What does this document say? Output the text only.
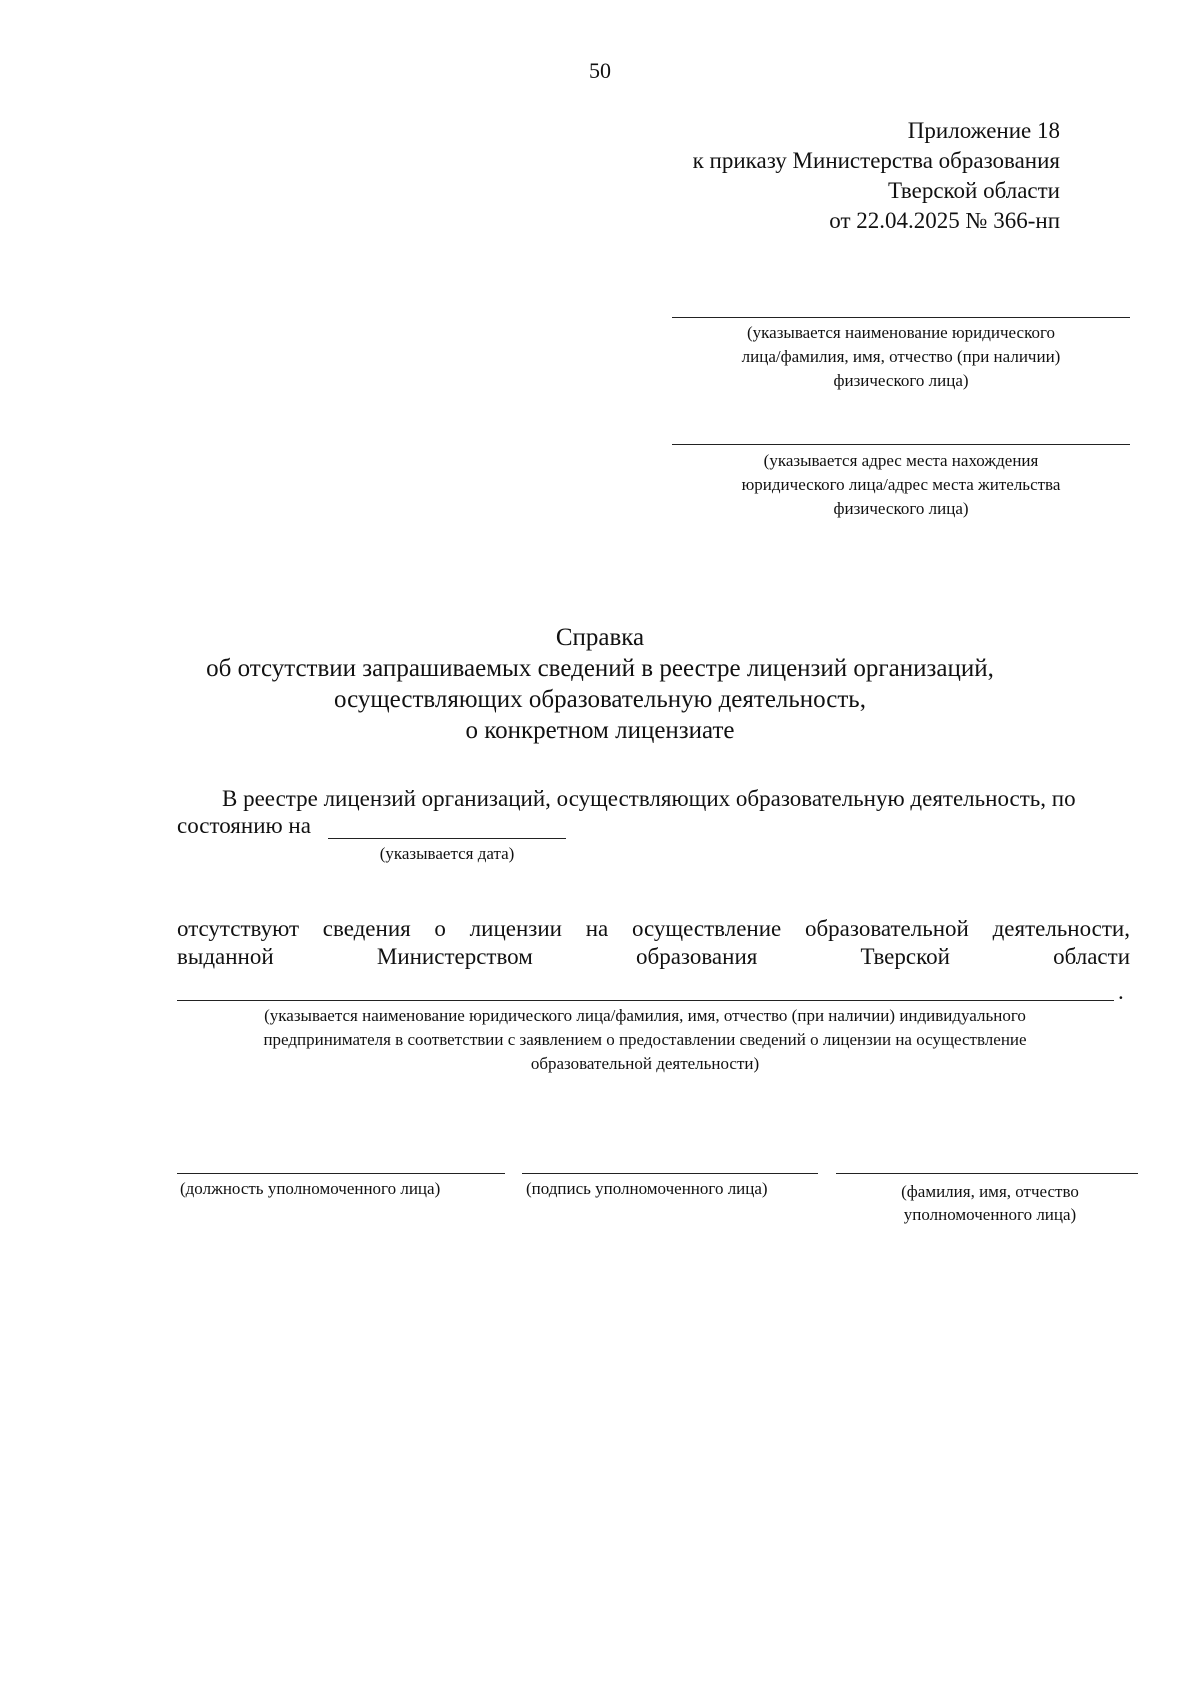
50
Приложение 18
к приказу Министерства образования
Тверской области
от 22.04.2025 № 366-нп
(указывается наименование юридического
лица/фамилия, имя, отчество (при наличии)
физического лица)
(указывается адрес места нахождения
юридического лица/адрес места жительства
физического лица)
Справка
об отсутствии запрашиваемых сведений в реестре лицензий организаций,
осуществляющих образовательную деятельность,
о конкретном лицензиате
В реестре лицензий организаций, осуществляющих образовательную деятельность, по
состоянию на
(указывается дата)
отсутствуют сведения о лицензии на осуществление образовательной деятельности,
выданной Министерством образования Тверской области
.
(указывается наименование юридического лица/фамилия, имя, отчество (при наличии) индивидуального
предпринимателя в соответствии с заявлением о предоставлении сведений о лицензии на осуществление
образовательной деятельности)
(должность уполномоченного лица)	(подпись уполномоченного лица)	(фамилия, имя, отчество
уполномоченного лица)
